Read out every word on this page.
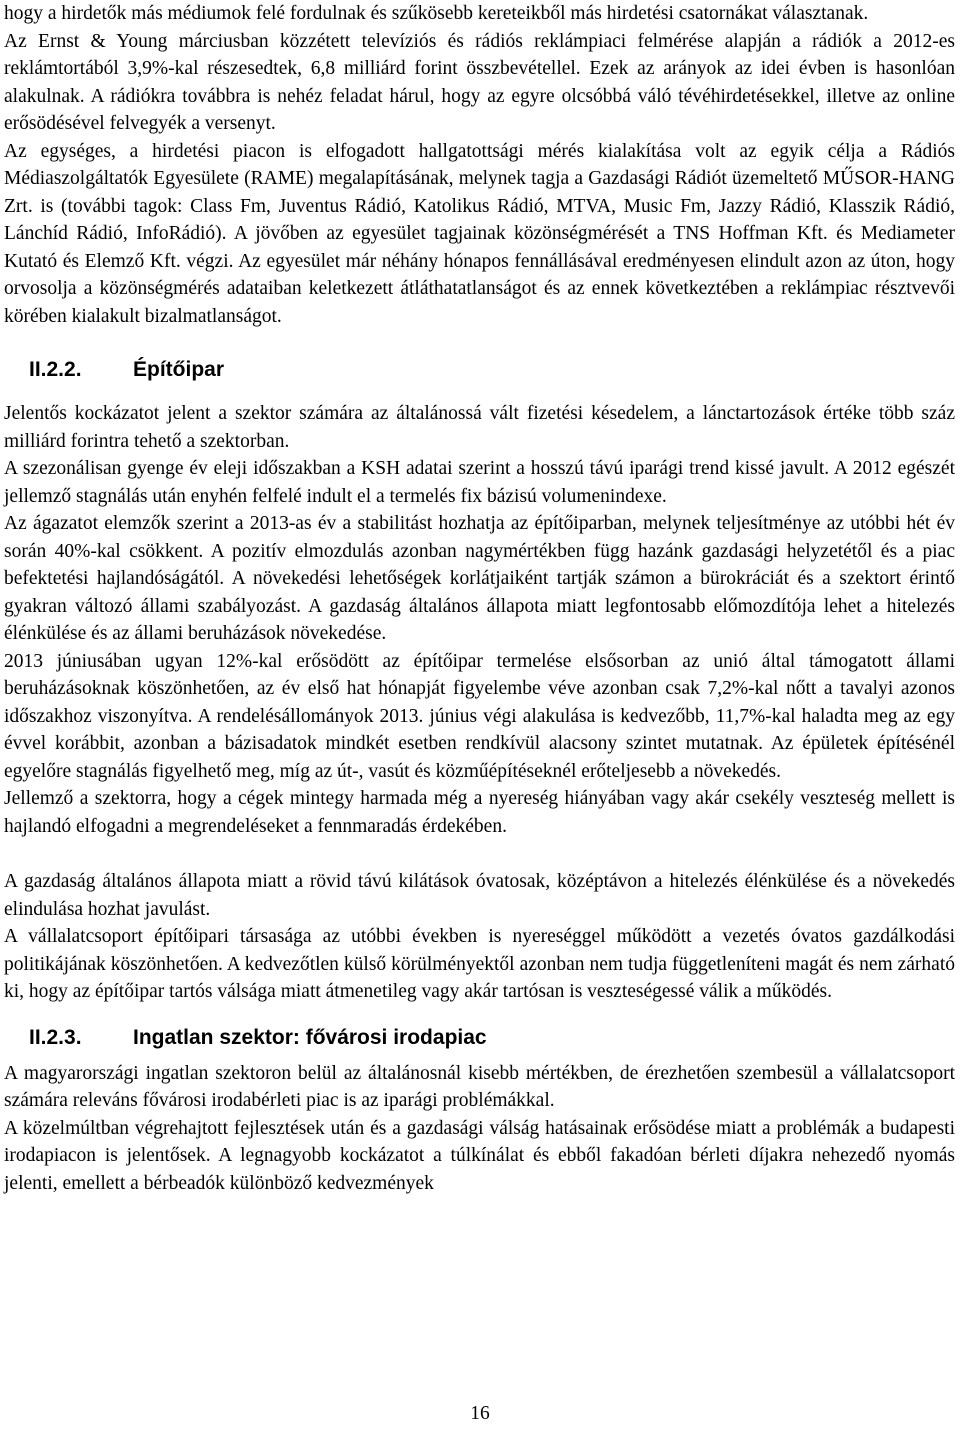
hogy a hirdetők más médiumok felé fordulnak és szűkösebb kereteikből más hirdetési csatornákat választanak.

Az Ernst & Young márciusban közzétett televíziós és rádiós reklámpiaci felmérése alapján a rádiók a 2012-es reklámtortából 3,9%-kal részesedtek, 6,8 milliárd forint összbevétellel. Ezek az arányok az idei évben is hasonlóan alakulnak. A rádiókra továbbra is nehéz feladat hárul, hogy az egyre olcsóbbá váló tévéhirdetésekkel, illetve az online erősödésével felvegyék a versenyt.

Az egységes, a hirdetési piacon is elfogadott hallgatottsági mérés kialakítása volt az egyik célja a Rádiós Médiaszolgáltatók Egyesülete (RAME) megalapításának, melynek tagja a Gazdasági Rádiót üzemeltető MŰSOR-HANG Zrt. is (további tagok: Class Fm, Juventus Rádió, Katolikus Rádió, MTVA, Music Fm, Jazzy Rádió, Klasszik Rádió, Lánchíd Rádió, InfoRádió). A jövőben az egyesület tagjainak közönségmérését a TNS Hoffman Kft. és Mediameter Kutató és Elemző Kft. végzi. Az egyesület már néhány hónapos fennállásával eredményesen elindult azon az úton, hogy orvosolja a közönségmérés adataiban keletkezett átláthatatlanságot és az ennek következtében a reklámpiac résztvevői körében kialakult bizalmatlanságot.

II.2.2.	Építőipar

Jelentős kockázatot jelent a szektor számára az általánossá vált fizetési késedelem, a lánctartozások értéke több száz milliárd forintra tehető a szektorban.

A szezonálisan gyenge év eleji időszakban a KSH adatai szerint a hosszú távú iparági trend kissé javult. A 2012 egészét jellemző stagnálás után enyhén felfelé indult el a termelés fix bázisú volumenindexe.

Az ágazatot elemzők szerint a 2013-as év a stabilitást hozhatja az építőiparban, melynek teljesítménye az utóbbi hét év során 40%-kal csökkent. A pozitív elmozdulás azonban nagymértékben függ hazánk gazdasági helyzetétől és a piac befektetési hajlandóságától. A növekedési lehetőségek korlátjaiként tartják számon a bürokráciát és a szektort érintő gyakran változó állami szabályozást. A gazdaság általános állapota miatt legfontosabb előmozdítója lehet a hitelezés élénkülése és az állami beruházások növekedése.

2013 júniusában ugyan 12%-kal erősödött az építőipar termelése elsősorban az unió által támogatott állami beruházásoknak köszönhetően, az év első hat hónapját figyelembe véve azonban csak 7,2%-kal nőtt a tavalyi azonos időszakhoz viszonyítva. A rendelésállományok 2013. június végi alakulása is kedvezőbb, 11,7%-kal haladta meg az egy évvel korábbit, azonban a bázisadatok mindkét esetben rendkívül alacsony szintet mutatnak. Az épületek építésénél egyelőre stagnálás figyelhető meg, míg az út-, vasút és közműépítéseknél erőteljesebb a növekedés.

Jellemző a szektorra, hogy a cégek mintegy harmada még a nyereség hiányában vagy akár csekély veszteség mellett is hajlandó elfogadni a megrendeléseket a fennmaradás érdekében.

A gazdaság általános állapota miatt a rövid távú kilátások óvatosak, középtávon a hitelezés élénkülése és a növekedés elindulása hozhat javulást.

A vállalatcsoport építőipari társasága az utóbbi években is nyereséggel működött a vezetés óvatos gazdálkodási politikájának köszönhetően. A kedvezőtlen külső körülményektől azonban nem tudja függetleníteni magát és nem zárható ki, hogy az építőipar tartós válsága miatt átmenetileg vagy akár tartósan is veszteségessé válik a működés.

II.2.3.	Ingatlan szektor: fővárosi irodapiac

A magyarországi ingatlan szektoron belül az általánosnál kisebb mértékben, de érezhetően szembesül a vállalatcsoport számára releváns fővárosi irodabérleti piac is az iparági problémákkal.

A közelmúltban végrehajtott fejlesztések után és a gazdasági válság hatásainak erősödése miatt a problémák a budapesti irodapiacon is jelentősek. A legnagyobb kockázatot a túlkínálat és ebből fakadóan bérleti díjakra nehezedő nyomás jelenti, emellett a bérbeadók különböző kedvezmények

16
